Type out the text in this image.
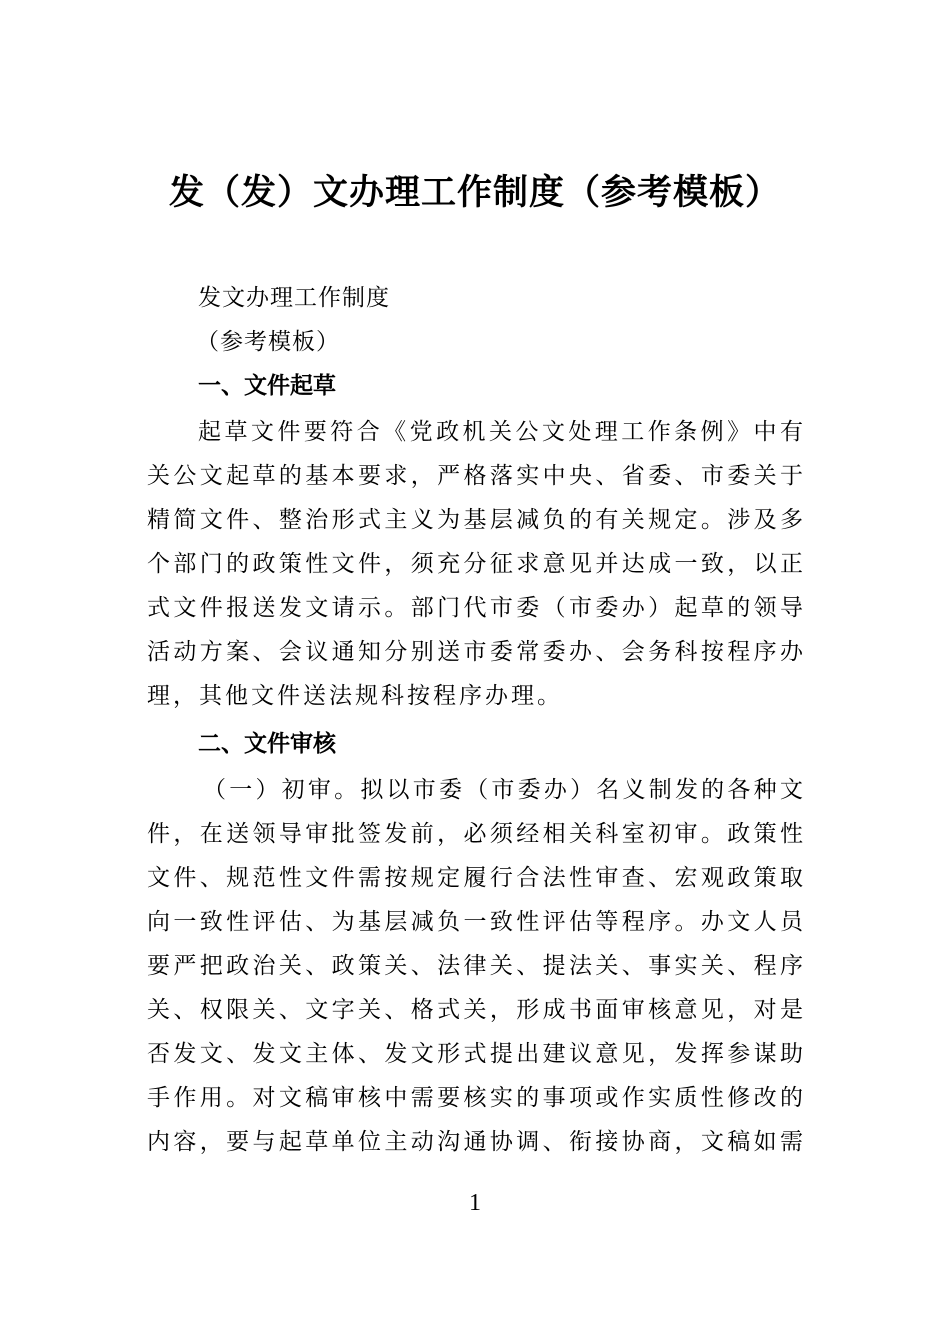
发（发）文办理工作制度（参考模板）
发文办理工作制度
（参考模板）
一、文件起草
起 草 文 件 要 符 合 《 党 政 机 关 公 文 处 理 工 作 条 例 》 中 有
关 公 文 起 草 的 基 本 要 求 ， 严 格 落 实 中 央 、 省 委 、 市 委 关 于
精 简 文 件 、 整 治 形 式 主 义 为 基 层 减 负 的 有 关 规 定 。 涉 及 多
个 部 门 的 政 策 性 文 件 ， 须 充 分 征 求 意 见 并 达 成 一 致 ， 以 正
式 文 件 报 送 发 文 请 示 。 部 门 代 市 委 （ 市 委 办 ） 起 草 的 领 导
活 动 方 案 、 会 议 通 知 分 别 送 市 委 常 委 办 、 会 务 科 按 程 序 办
理，其他文件送法规科按程序办理。
二、文件审核
（ 一 ） 初 审 。 拟 以 市 委 （ 市 委 办 ） 名 义 制 发 的 各 种 文
件 ， 在 送 领 导 审 批 签 发 前 ， 必 须 经 相 关 科 室 初 审 。 政 策 性
文 件 、 规 范 性 文 件 需 按 规 定 履 行 合 法 性 审 查 、 宏 观 政 策 取
向 一 致 性 评 估 、 为 基 层 减 负 一 致 性 评 估 等 程 序 。 办 文 人 员
要 严 把 政 治 关 、 政 策 关 、 法 律 关 、 提 法 关 、 事 实 关 、 程 序
关 、 权 限 关 、 文 字 关 、 格 式 关 ， 形 成 书 面 审 核 意 见 ， 对 是
否 发 文 、 发 文 主 体 、 发 文 形 式 提 出 建 议 意 见 ， 发 挥 参 谋 助
手 作 用 。 对 文 稿 审 核 中 需 要 核 实 的 事 项 或 作 实 质 性 修 改 的
内 容 ， 要 与 起 草 单 位 主 动 沟 通 协 调 、 衔 接 协 商 ， 文 稿 如 需
1
